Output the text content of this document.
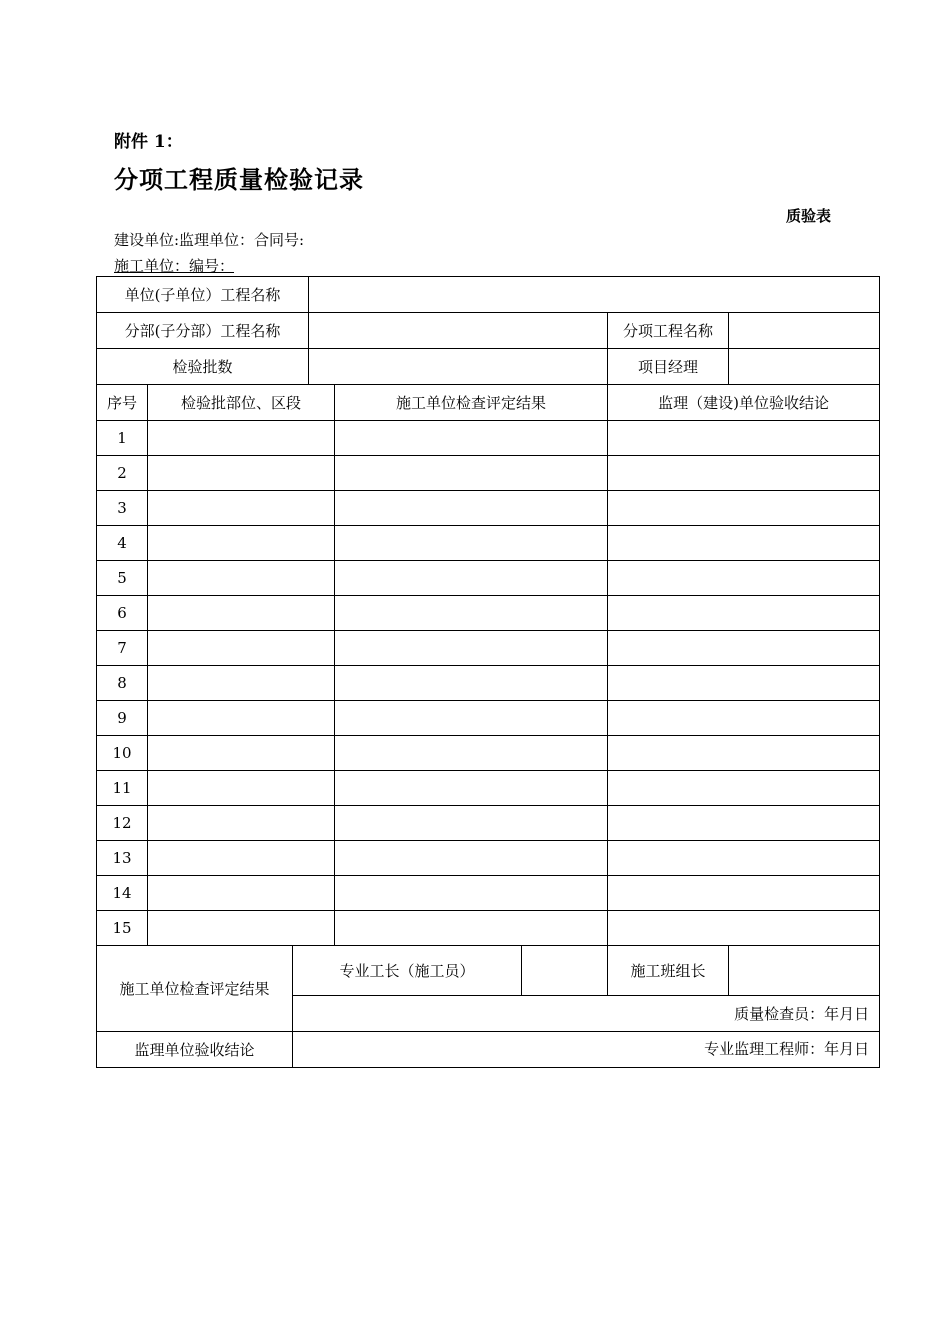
附件 1：
分项工程质量检验记录
质验表
建设单位:监理单位：合同号:
施工单位：编号：
单位(子单位）工程名称							
分部(子分部）工程名称						分项工程名称	
检验批数						项目经理	
序号	检验批部位、区段			施工单位检查评定结果		监理（建设)单位验收结论	
1							
2							
3							
4							
5							
6							
7							
8							
9							
10							
11							
12							
13							
14							
15							
施工单位检查评定结果		专业工长（施工员）				施工班组长	
		质量检查员：年月日					
监理单位验收结论		专业监理工程师：年月日					
